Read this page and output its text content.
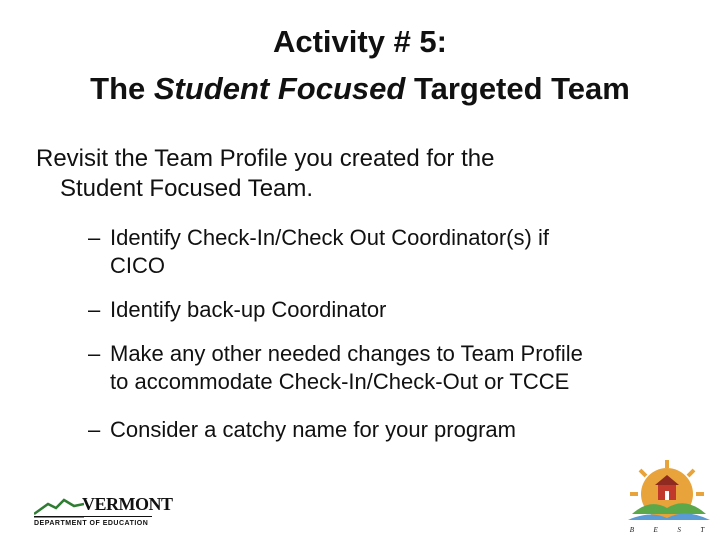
Activity # 5:
The Student Focused Targeted Team
Revisit the Team Profile you created for the
Student Focused Team.
– Identify Check-In/Check Out Coordinator(s) if
CICO
– Identify back-up Coordinator
– Make any other needed changes to Team Profile
to accommodate Check-In/Check-Out or TCCE
– Consider a catchy name for your program
VERMONT
DEPARTMENT OF EDUCATION
B	E	S	T
